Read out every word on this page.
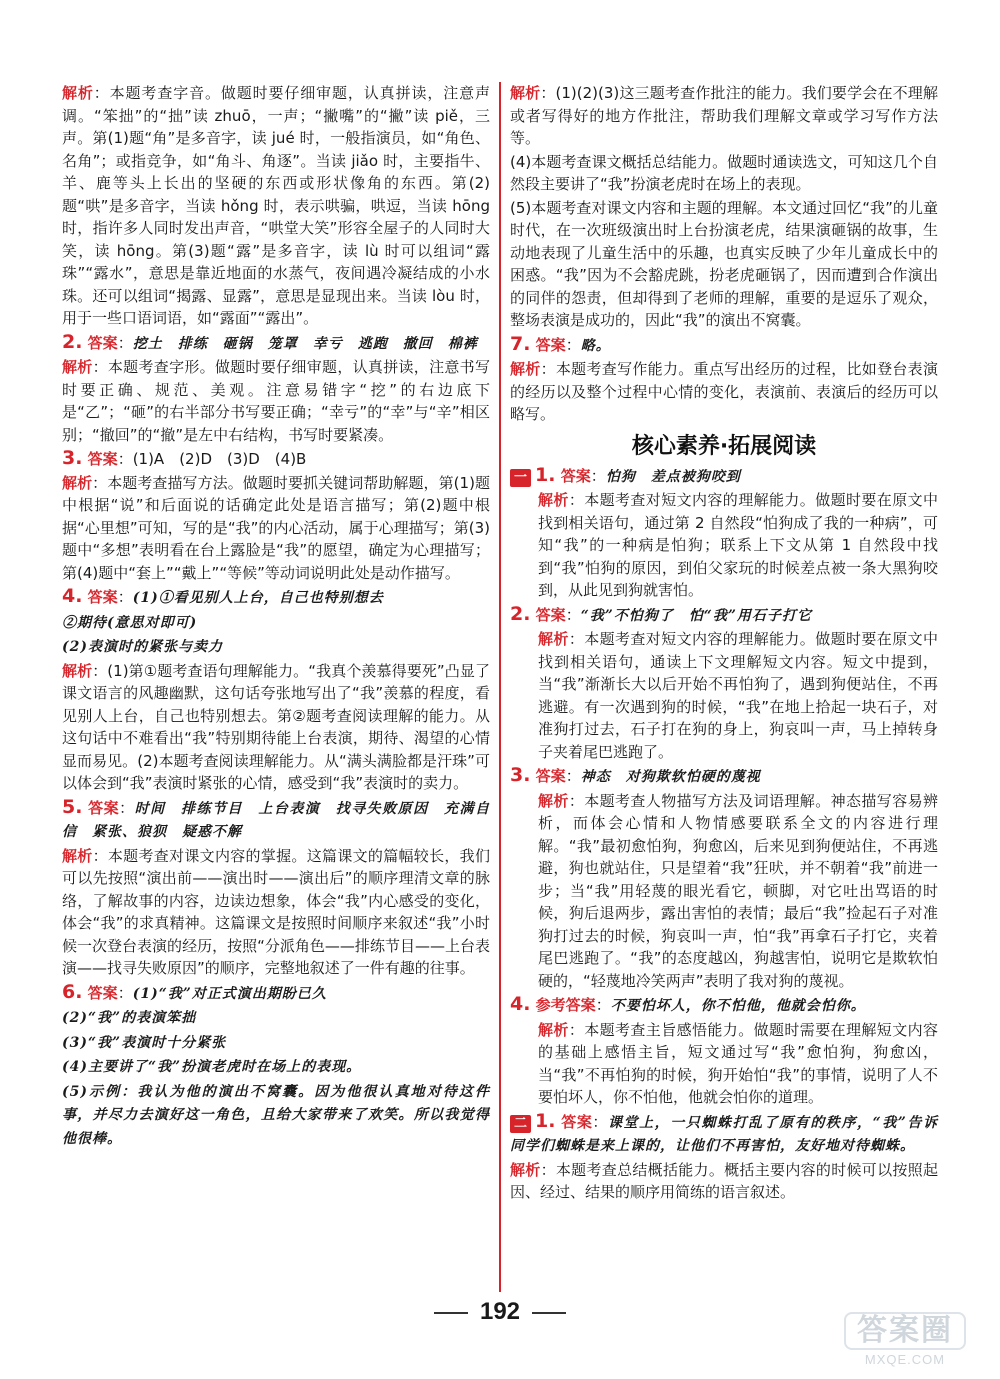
解析：本题考查字音。做题时要仔细审题，认真拼读，注意声调。“笨拙”的“拙”读 zhuō，一声；“撇嘴”的“撇”读 piě，三声。第(1)题“角”是多音字，读 jué 时，一般指演员，如“角色、名角”；或指竞争，如“角斗、角逐”。当读 jiǎo 时，主要指牛、羊、鹿等头上长出的坚硬的东西或形状像角的东西。第(2)题“哄”是多音字，当读 hǒng 时，表示哄骗，哄逗，当读 hōng 时，指许多人同时发出声音，“哄堂大笑”形容全屋子的人同时大笑，读 hōng。第(3)题“露”是多音字，读 lù 时可以组词“露珠”“露水”，意思是靠近地面的水蒸气，夜间遇冷凝结成的小水珠。还可以组词“揭露、显露”，意思是显现出来。当读 lòu 时，用于一些口语词语，如“露面”“露出”。

2. 答案：挖土　排练　砸锅　笼罩　幸亏　逃跑　撤回　棉裤

解析：本题考查字形。做题时要仔细审题，认真拼读，注意书写时要正确、规范、美观。注意易错字“挖”的右边底下是“乙”；“砸”的右半部分书写要正确；“幸亏”的“幸”与“辛”相区别；“撤回”的“撤”是左中右结构，书写时要紧凑。

3. 答案：(1)A　(2)D　(3)D　(4)B

解析：本题考查描写方法。做题时要抓关键词帮助解题，第(1)题中根据“说”和后面说的话确定此处是语言描写；第(2)题中根据“心里想”可知，写的是“我”的内心活动，属于心理描写；第(3)题中“多想”表明看在台上露脸是“我”的愿望，确定为心理描写；第(4)题中“套上”“戴上”“等候”等动词说明此处是动作描写。

4. 答案：(1)①看见别人上台，自己也特别想去

②期待(意思对即可)

(2)表演时的紧张与卖力

解析：(1)第①题考查语句理解能力。“我真个羡慕得要死”凸显了课文语言的风趣幽默，这句话夸张地写出了“我”羡慕的程度，看见别人上台，自己也特别想去。第②题考查阅读理解的能力。从这句话中不难看出“我”特别期待能上台表演，期待、渴望的心情显而易见。(2)本题考查阅读理解能力。从“满头满脸都是汗珠”可以体会到“我”表演时紧张的心情，感受到“我”表演时的卖力。

5. 答案：时间　排练节目　上台表演　找寻失败原因　充满自信　紧张、狼狈　疑惑不解

解析：本题考查对课文内容的掌握。这篇课文的篇幅较长，我们可以先按照“演出前——演出时——演出后”的顺序理清文章的脉络，了解故事的内容，边读边想象，体会“我”内心感受的变化，体会“我”的求真精神。这篇课文是按照时间顺序来叙述“我”小时候一次登台表演的经历，按照“分派角色——排练节目——上台表演——找寻失败原因”的顺序，完整地叙述了一件有趣的往事。

6. 答案：(1)“我”对正式演出期盼已久

(2)“我”的表演笨拙

(3)“我”表演时十分紧张

(4)主要讲了“我”扮演老虎时在场上的表现。

(5)示例：我认为他的演出不窝囊。因为他很认真地对待这件事，并尽力去演好这一角色，且给大家带来了欢笑。所以我觉得他很棒。

解析：(1)(2)(3)这三题考查作批注的能力。我们要学会在不理解或者写得好的地方作批注，帮助我们理解文章或学习写作方法等。

(4)本题考查课文概括总结能力。做题时通读选文，可知这几个自然段主要讲了“我”扮演老虎时在场上的表现。

(5)本题考查对课文内容和主题的理解。本文通过回忆“我”的儿童时代，在一次班级演出时上台扮演老虎，结果演砸锅的故事，生动地表现了儿童生活中的乐趣，也真实反映了少年儿童成长中的困惑。“我”因为不会豁虎跳，扮老虎砸锅了，因而遭到合作演出的同伴的怨责，但却得到了老师的理解，重要的是逗乐了观众，整场表演是成功的，因此“我”的演出不窝囊。

7. 答案：略。

解析：本题考查写作能力。重点写出经历的过程，比如登台表演的经历以及整个过程中心情的变化，表演前、表演后的经历可以略写。

核心素养·拓展阅读

一 1. 答案：怕狗　差点被狗咬到

解析：本题考查对短文内容的理解能力。做题时要在原文中找到相关语句，通过第 2 自然段“怕狗成了我的一种病”，可知“我”的一种病是怕狗；联系上下文从第 1 自然段中找到“我”怕狗的原因，到伯父家玩的时候差点被一条大黑狗咬到，从此见到狗就害怕。

2. 答案：“我”不怕狗了　怕“我”用石子打它

解析：本题考查对短文内容的理解能力。做题时要在原文中找到相关语句，通读上下文理解短文内容。短文中提到，当“我”渐渐长大以后开始不再怕狗了，遇到狗便站住，不再逃避。有一次遇到狗的时候，“我”在地上拾起一块石子，对准狗打过去，石子打在狗的身上，狗哀叫一声，马上掉转身子夹着尾巴逃跑了。

3. 答案：神态　对狗欺软怕硬的蔑视

解析：本题考查人物描写方法及词语理解。神态描写容易辨析，而体会心情和人物情感要联系全文的内容进行理解。“我”最初愈怕狗，狗愈凶，后来见到狗便站住，不再逃避，狗也就站住，只是望着“我”狂吠，并不朝着“我”前进一步；当“我”用轻蔑的眼光看它，顿脚，对它吐出骂语的时候，狗后退两步，露出害怕的表情；最后“我”捡起石子对准狗打过去的时候，狗哀叫一声，怕“我”再拿石子打它，夹着尾巴逃跑了。“我”的态度越凶，狗越害怕，说明它是欺软怕硬的，“轻蔑地冷笑两声”表明了我对狗的蔑视。

4. 参考答案：不要怕坏人，你不怕他，他就会怕你。

解析：本题考查主旨感悟能力。做题时需要在理解短文内容的基础上感悟主旨，短文通过写“我”愈怕狗，狗愈凶，当“我”不再怕狗的时候，狗开始怕“我”的事情，说明了人不要怕坏人，你不怕他，他就会怕你的道理。

二 1. 答案：课堂上，一只蜘蛛打乱了原有的秩序，“我”告诉同学们蜘蛛是来上课的，让他们不再害怕，友好地对待蜘蛛。

解析：本题考查总结概括能力。概括主要内容的时候可以按照起因、经过、结果的顺序用简练的语言叙述。

192
答案圈
MXQE.COM
